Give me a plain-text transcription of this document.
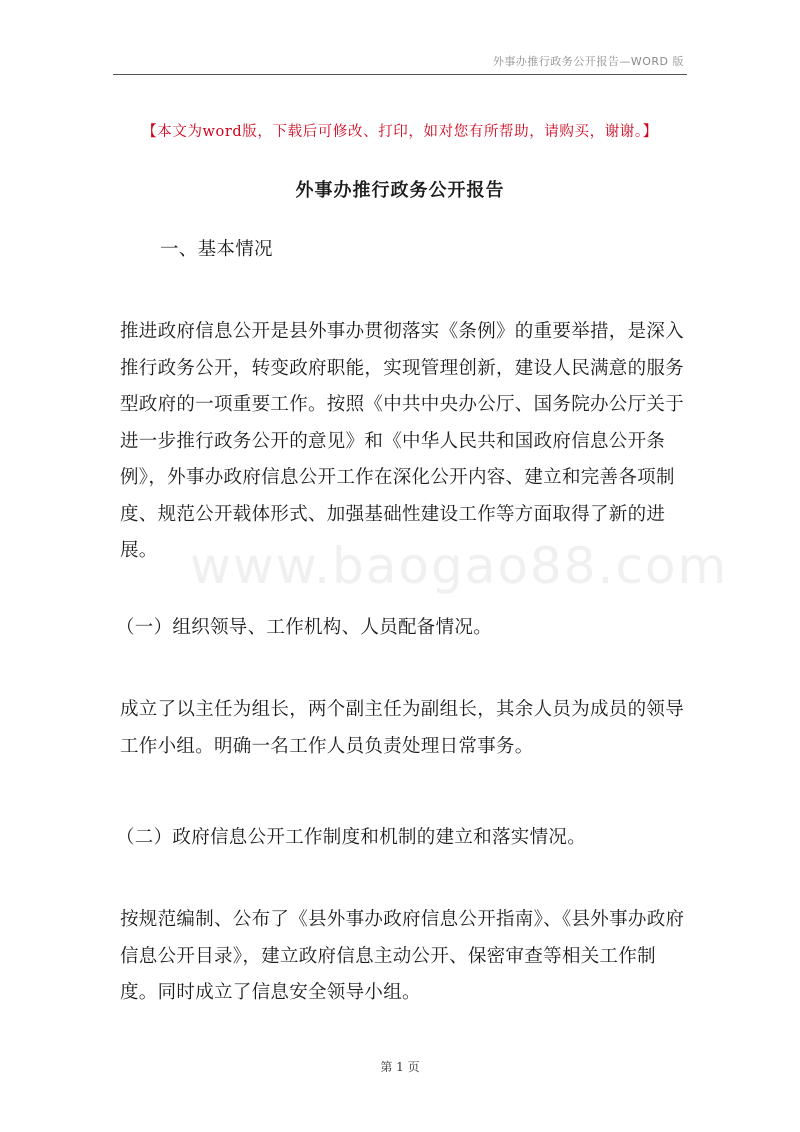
外事办推行政务公开报告—WORD 版
【本文为word版，下载后可修改、打印，如对您有所帮助，请购买，谢谢。】
外事办推行政务公开报告
www.baogao88.com
一、基本情况
推进政府信息公开是县外事办贯彻落实《条例》的重要举措，是深入推行政务公开，转变政府职能，实现管理创新，建设人民满意的服务型政府的一项重要工作。按照《中共中央办公厅、国务院办公厅关于进一步推行政务公开的意见》和《中华人民共和国政府信息公开条例》，外事办政府信息公开工作在深化公开内容、建立和完善各项制度、规范公开载体形式、加强基础性建设工作等方面取得了新的进展。
（一）组织领导、工作机构、人员配备情况。
成立了以主任为组长，两个副主任为副组长，其余人员为成员的领导工作小组。明确一名工作人员负责处理日常事务。
（二）政府信息公开工作制度和机制的建立和落实情况。
按规范编制、公布了《县外事办政府信息公开指南》、《县外事办政府信息公开目录》，建立政府信息主动公开、保密审查等相关工作制度。同时成立了信息安全领导小组。
第 1 页
